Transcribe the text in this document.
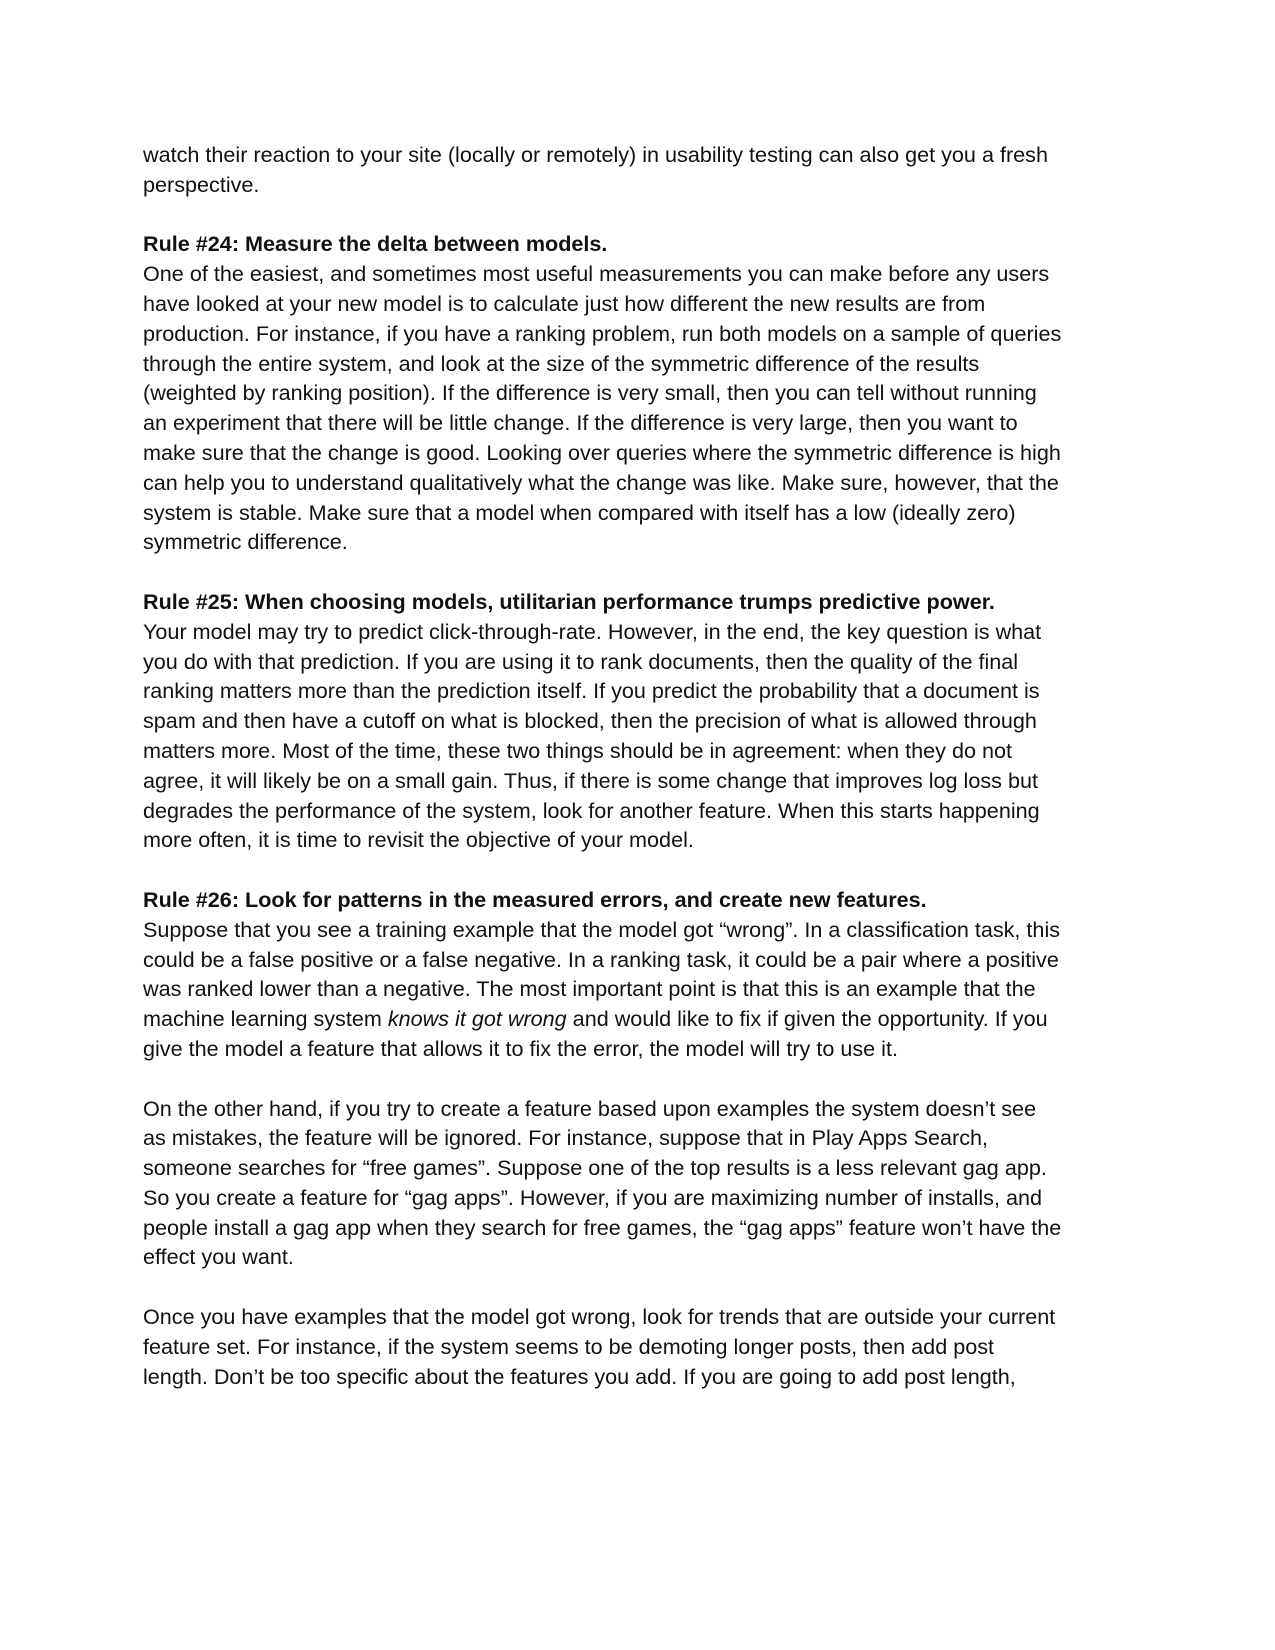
watch their reaction to your site (locally or remotely) in usability testing can also get you a fresh
perspective.
Rule #24: Measure the delta between models.
One of the easiest, and sometimes most useful measurements you can make before any users
have looked at your new model is to calculate just how different the new results are from
production. For instance, if you have a ranking problem, run both models on a sample of queries
through the entire system, and look at the size of the symmetric difference of the results
(weighted by ranking position). If the difference is very small, then you can tell without running
an experiment that there will be little change. If the difference is very large, then you want to
make sure that the change is good. Looking over queries where the symmetric difference is high
can help you to understand qualitatively what the change was like. Make sure, however, that the
system is stable. Make sure that a model when compared with itself has a low (ideally zero)
symmetric difference.
Rule #25: When choosing models, utilitarian performance trumps predictive power.
Your model may try to predict click-through-rate. However, in the end, the key question is what
you do with that prediction. If you are using it to rank documents, then the quality of the final
ranking matters more than the prediction itself. If you predict the probability that a document is
spam and then have a cutoff on what is blocked, then the precision of what is allowed through
matters more. Most of the time, these two things should be in agreement: when they do not
agree, it will likely be on a small gain. Thus, if there is some change that improves log loss but
degrades the performance of the system, look for another feature. When this starts happening
more often, it is time to revisit the objective of your model.
Rule #26: Look for patterns in the measured errors, and create new features.
Suppose that you see a training example that the model got “wrong”. In a classification task, this
could be a false positive or a false negative. In a ranking task, it could be a pair where a positive
was ranked lower than a negative. The most important point is that this is an example that the
machine learning system knows it got wrong and would like to fix if given the opportunity. If you
give the model a feature that allows it to fix the error, the model will try to use it.
On the other hand, if you try to create a feature based upon examples the system doesn’t see
as mistakes, the feature will be ignored. For instance, suppose that in Play Apps Search,
someone searches for “free games”. Suppose one of the top results is a less relevant gag app.
So you create a feature for “gag apps”. However, if you are maximizing number of installs, and
people install a gag app when they search for free games, the “gag apps” feature won’t have the
effect you want.
Once you have examples that the model got wrong, look for trends that are outside your current
feature set. For instance, if the system seems to be demoting longer posts, then add post
length. Don’t be too specific about the features you add. If you are going to add post length,
